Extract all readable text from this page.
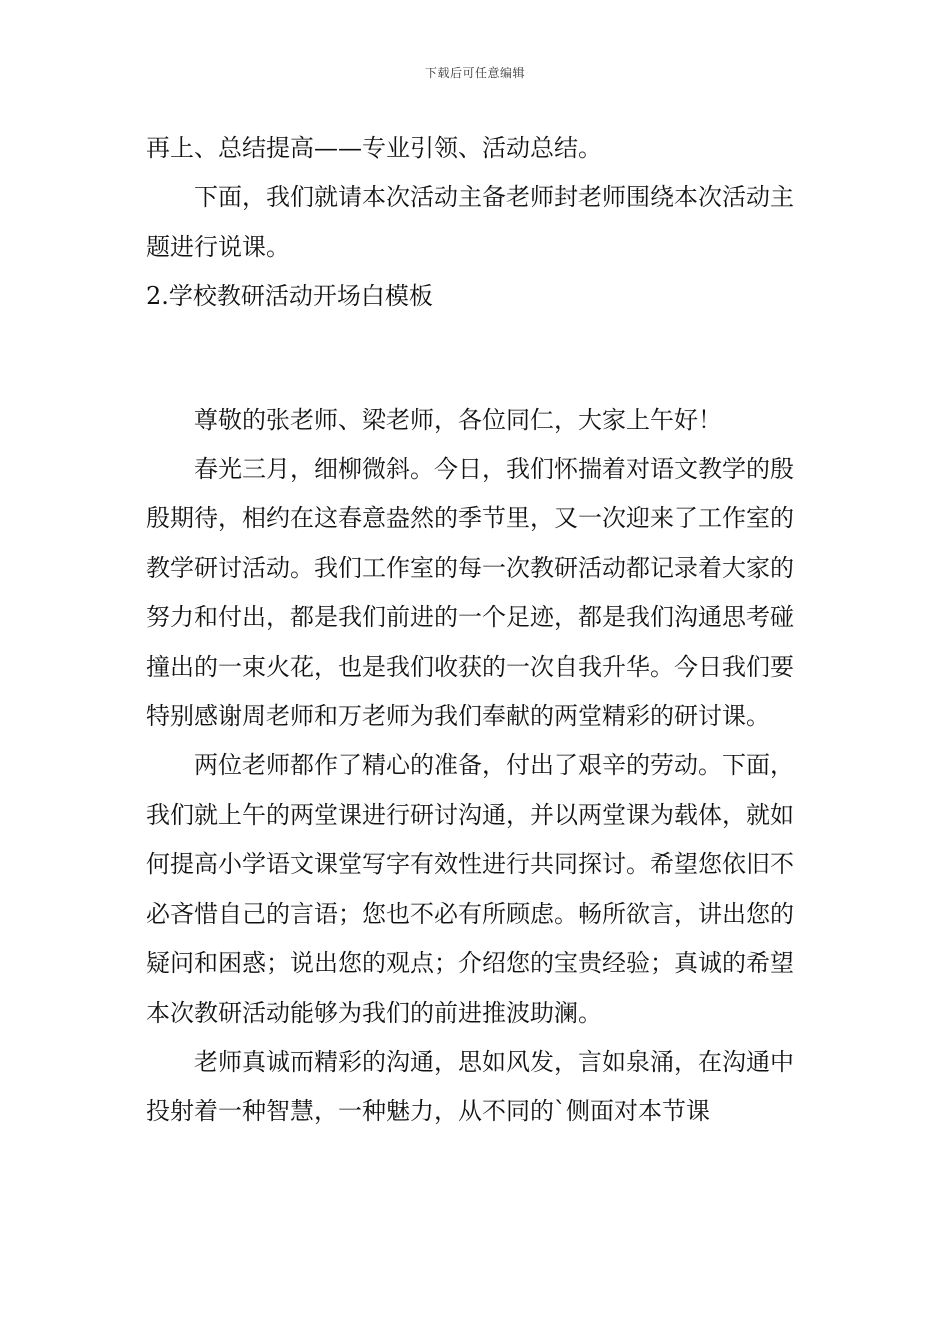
下载后可任意编辑

再上、总结提高——专业引领、活动总结。

下面，我们就请本次活动主备老师封老师围绕本次活动主题进行说课。

2.学校教研活动开场白模板

尊敬的张老师、梁老师，各位同仁，大家上午好！

春光三月，细柳微斜。今日，我们怀揣着对语文教学的殷殷期待，相约在这春意盎然的季节里，又一次迎来了工作室的教学研讨活动。我们工作室的每一次教研活动都记录着大家的努力和付出，都是我们前进的一个足迹，都是我们沟通思考碰撞出的一束火花，也是我们收获的一次自我升华。今日我们要特别感谢周老师和万老师为我们奉献的两堂精彩的研讨课。

两位老师都作了精心的准备，付出了艰辛的劳动。下面，我们就上午的两堂课进行研讨沟通，并以两堂课为载体，就如何提高小学语文课堂写字有效性进行共同探讨。希望您依旧不必吝惜自己的言语；您也不必有所顾虑。畅所欲言，讲出您的疑问和困惑；说出您的观点；介绍您的宝贵经验；真诚的希望本次教研活动能够为我们的前进推波助澜。

老师真诚而精彩的沟通，思如风发，言如泉涌，在沟通中投射着一种智慧，一种魅力，从不同的`侧面对本节课
